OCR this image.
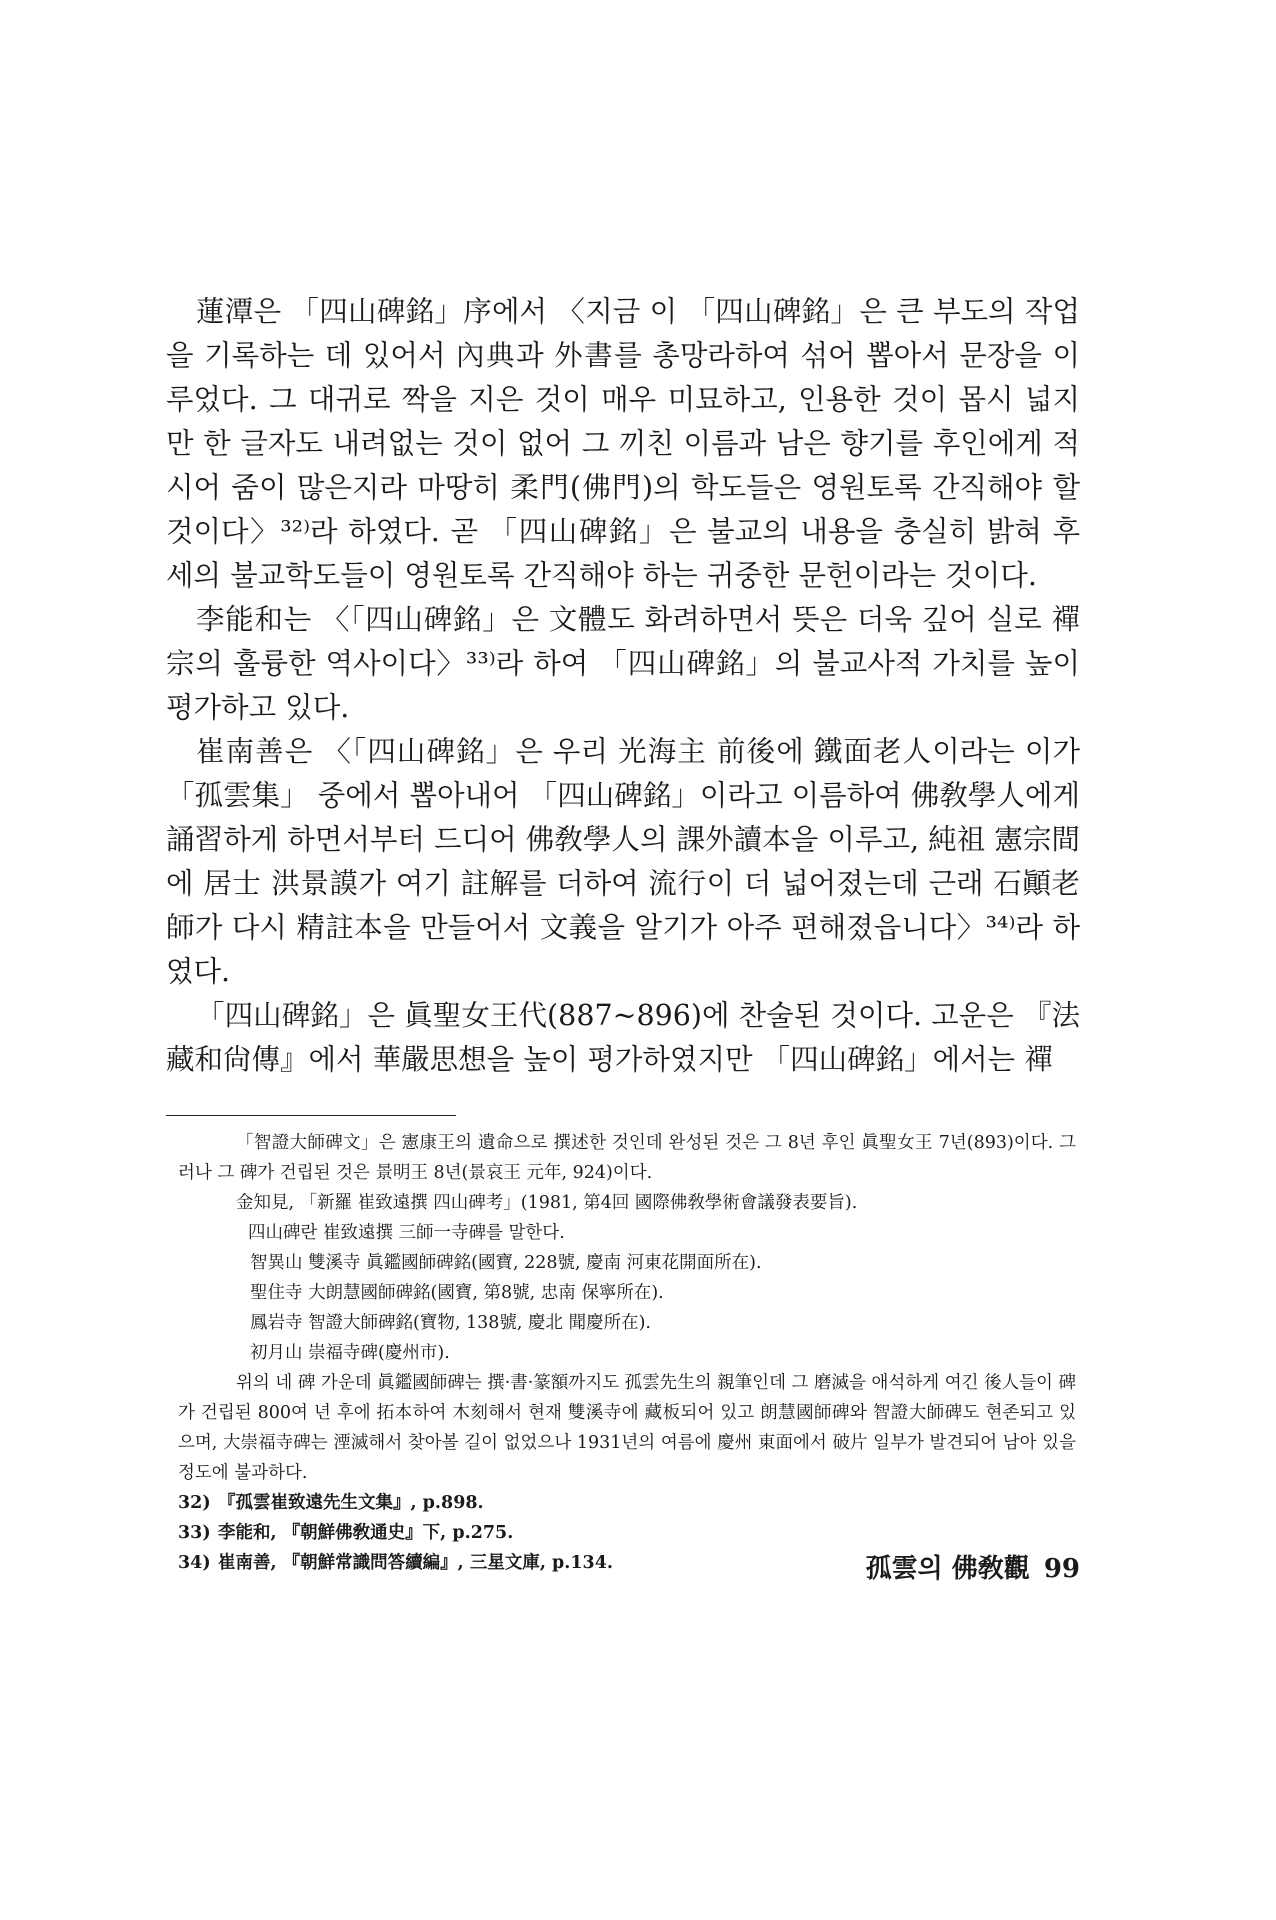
蓮潭은 「四山碑銘」序에서 〈지금 이 「四山碑銘」은 큰 부도의 작업을 기록하는 데 있어서 內典과 外書를 총망라하여 섞어 뽑아서 문장을 이루었다. 그 대귀로 짝을 지은 것이 매우 미묘하고, 인용한 것이 몹시 넓지만 한 글자도 내려없는 것이 없어 그 끼친 이름과 남은 향기를 후인에게 적시어 줌이 많은지라 마땅히 柔門(佛門)의 학도들은 영원토록 간직해야 할 것이다〉³²⁾라 하였다. 곧 「四山碑銘」은 불교의 내용을 충실히 밝혀 후세의 불교학도들이 영원토록 간직해야 하는 귀중한 문헌이라는 것이다.

李能和는 〈「四山碑銘」은 文體도 화려하면서 뜻은 더욱 깊어 실로 禪宗의 훌륭한 역사이다〉³³⁾라 하여 「四山碑銘」의 불교사적 가치를 높이 평가하고 있다.

崔南善은 〈「四山碑銘」은 우리 光海主 前後에 鐵面老人이라는 이가 「孤雲集」 중에서 뽑아내어 「四山碑銘」이라고 이름하여 佛敎學人에게 誦習하게 하면서부터 드디어 佛敎學人의 課外讀本을 이루고, 純祖 憲宗間에 居士 洪景謨가 여기 註解를 더하여 流行이 더 넓어졌는데 근래 石顚老師가 다시 精註本을 만들어서 文義을 알기가 아주 편해졌읍니다〉³⁴⁾라 하였다.

「四山碑銘」은 眞聖女王代(887~896)에 찬술된 것이다. 고운은 『法藏和尙傳』에서 華嚴思想을 높이 평가하였지만 「四山碑銘」에서는 禪

「智證大師碑文」은 憲康王의 遺命으로 撰述한 것인데 완성된 것은 그 8년 후인 眞聖女王 7년(893)이다. 그러나 그 碑가 건립된 것은 景明王 8년(景哀王 元年, 924)이다.

金知見, 「新羅 崔致遠撰 四山碑考」(1981, 第4回 國際佛敎學術會議發表要旨).

四山碑란 崔致遠撰 三師一寺碑를 말한다.

智異山 雙溪寺 眞鑑國師碑銘(國寶, 228號, 慶南 河東花開面所在).

聖住寺 大朗慧國師碑銘(國寶, 第8號, 忠南 保寧所在).

鳳岩寺 智證大師碑銘(寶物, 138號, 慶北 聞慶所在).

初月山 崇福寺碑(慶州市).

위의 네 碑 가운데 眞鑑國師碑는 撰·書·篆額까지도 孤雲先生의 親筆인데 그 磨滅을 애석하게 여긴 後人들이 碑가 건립된 800여 년 후에 拓本하여 木刻해서 현재 雙溪寺에 藏板되어 있고 朗慧國師碑와 智證大師碑도 현존되고 있으며, 大崇福寺碑는 湮滅해서 찾아볼 길이 없었으나 1931년의 여름에 慶州 東面에서 破片 일부가 발견되어 남아 있을 정도에 불과하다.

32) 『孤雲崔致遠先生文集』, p.898.
33) 李能和, 『朝鮮佛敎通史』下, p.275.
34) 崔南善, 『朝鮮常識問答續編』, 三星文庫, p.134.	孤雲의 佛敎觀 99
